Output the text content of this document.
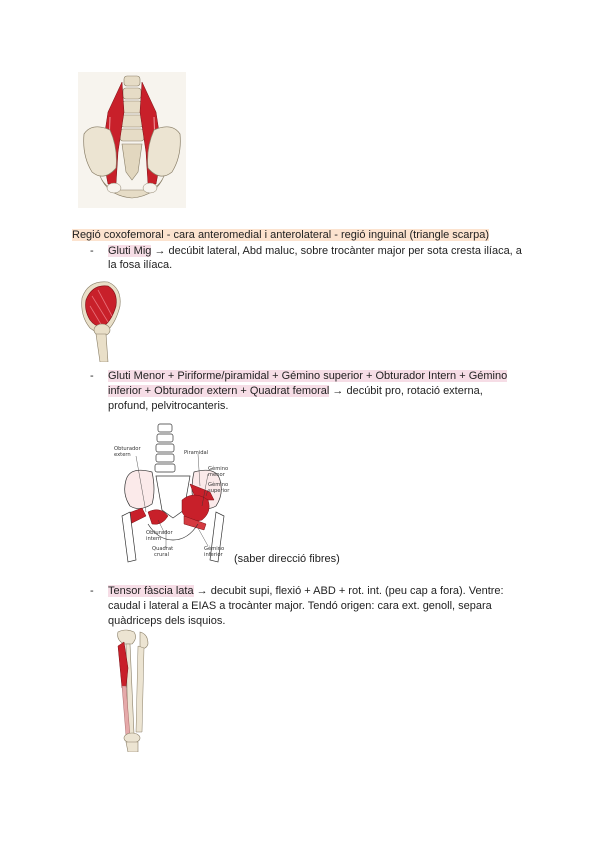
Regió coxofemoral - cara anteromedial i anterolateral - regió inguinal (triangle scarpa)
- Gluti Mig → decúbit lateral, Abd maluc, sobre trocànter major per sota cresta ilíaca, a
la fosa ilíaca.
- Gluti Menor + Piriforme/piramidal + Gémino superior + Obturador Intern + Gémino
inferior + Obturador extern + Quadrat femoral → decúbit pro, rotació externa,
profund, pelvitrocanteris.
Obturador
extern	Piramidal
Gèmino
menor
Gèmino
superior
Obturador
intern
Quadrat
crural
Gèmino
inferior (saber direcció fibres)
- Tensor fàscia lata → decubit supi, flexió + ABD + rot. int. (peu cap a fora). Ventre:
caudal i lateral a EIAS a trocànter major. Tendó origen: cara ext. genoll, separa
quàdriceps dels isquios.
